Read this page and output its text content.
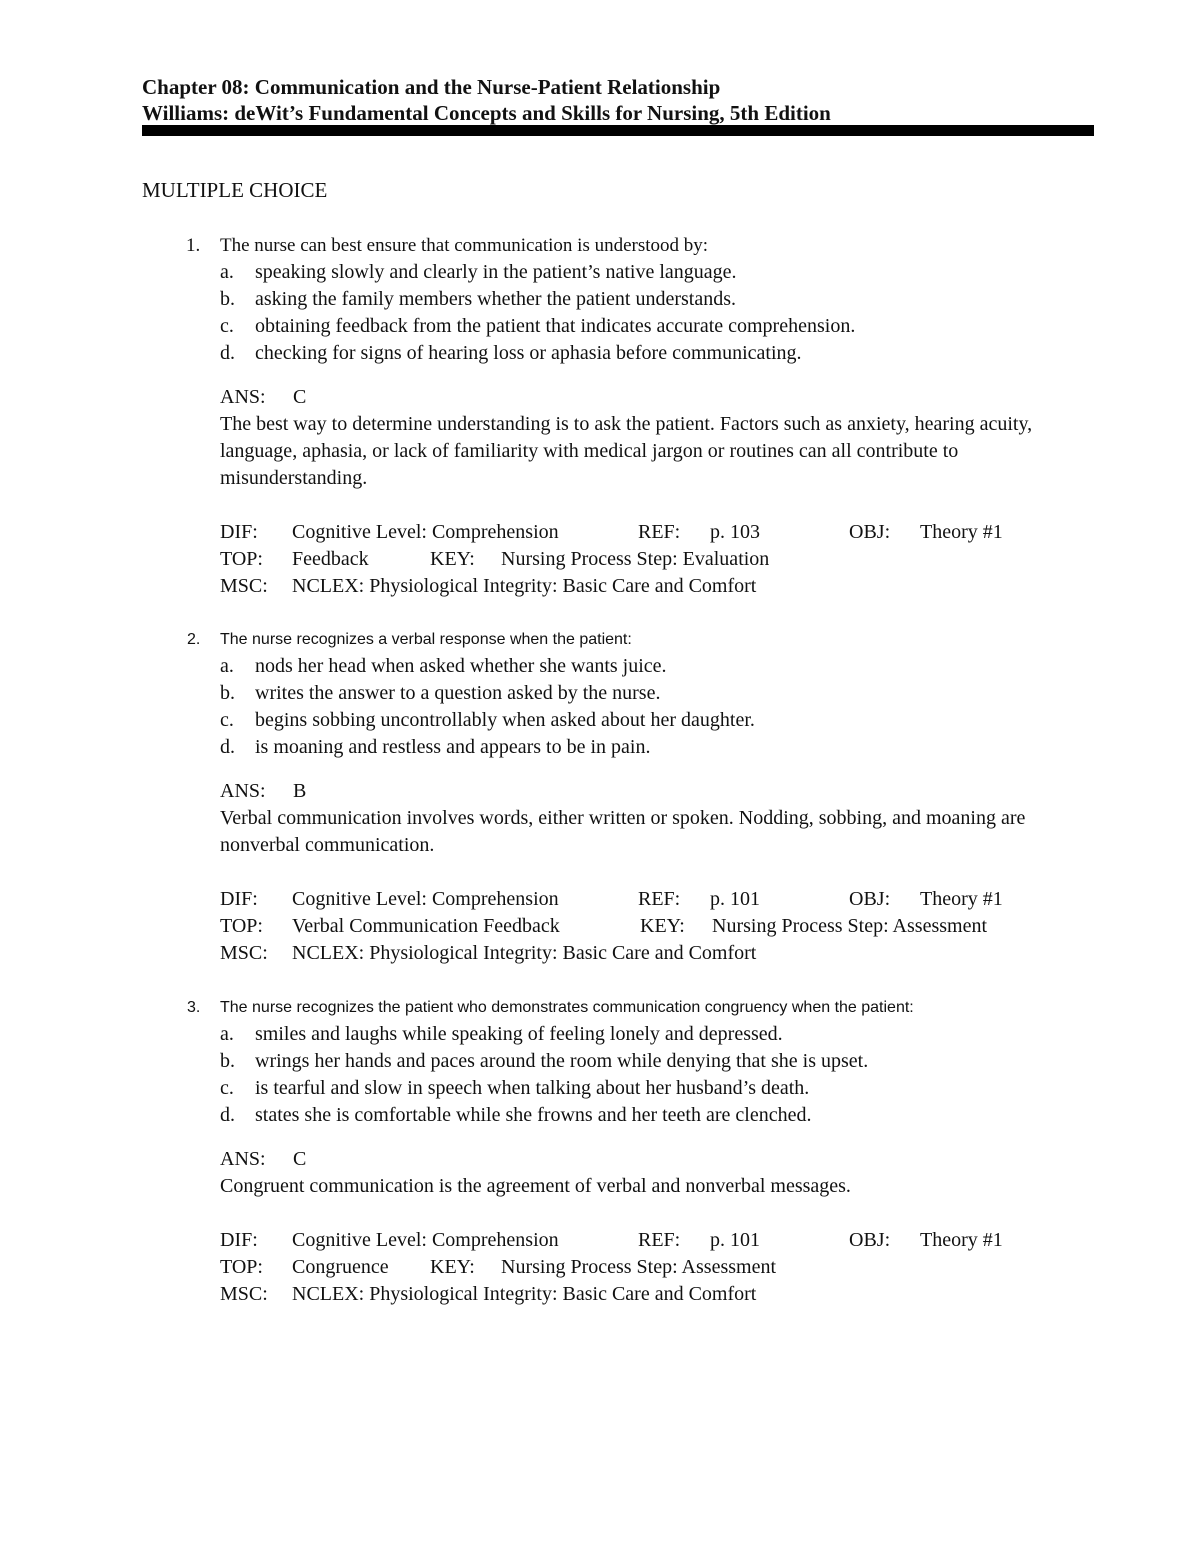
Chapter 08: Communication and the Nurse-Patient Relationship
Williams: deWit’s Fundamental Concepts and Skills for Nursing, 5th Edition
MULTIPLE CHOICE
1. The nurse can best ensure that communication is understood by:
a. speaking slowly and clearly in the patient’s native language.
b. asking the family members whether the patient understands.
c. obtaining feedback from the patient that indicates accurate comprehension.
d. checking for signs of hearing loss or aphasia before communicating.
ANS: C
The best way to determine understanding is to ask the patient. Factors such as anxiety, hearing acuity, language, aphasia, or lack of familiarity with medical jargon or routines can all contribute to misunderstanding.
DIF: Cognitive Level: Comprehension	REF: p. 103	OBJ: Theory #1
TOP: Feedback	KEY: Nursing Process Step: Evaluation
MSC: NCLEX: Physiological Integrity: Basic Care and Comfort
2. The nurse recognizes a verbal response when the patient:
a. nods her head when asked whether she wants juice.
b. writes the answer to a question asked by the nurse.
c. begins sobbing uncontrollably when asked about her daughter.
d. is moaning and restless and appears to be in pain.
ANS: B
Verbal communication involves words, either written or spoken. Nodding, sobbing, and moaning are nonverbal communication.
DIF: Cognitive Level: Comprehension	REF: p. 101	OBJ: Theory #1
TOP: Verbal Communication Feedback	KEY: Nursing Process Step: Assessment
MSC: NCLEX: Physiological Integrity: Basic Care and Comfort
3. The nurse recognizes the patient who demonstrates communication congruency when the patient:
a. smiles and laughs while speaking of feeling lonely and depressed.
b. wrings her hands and paces around the room while denying that she is upset.
c. is tearful and slow in speech when talking about her husband’s death.
d. states she is comfortable while she frowns and her teeth are clenched.
ANS: C
Congruent communication is the agreement of verbal and nonverbal messages.
DIF: Cognitive Level: Comprehension	REF: p. 101	OBJ: Theory #1
TOP: Congruence KEY: Nursing Process Step: Assessment
MSC: NCLEX: Physiological Integrity: Basic Care and Comfort
